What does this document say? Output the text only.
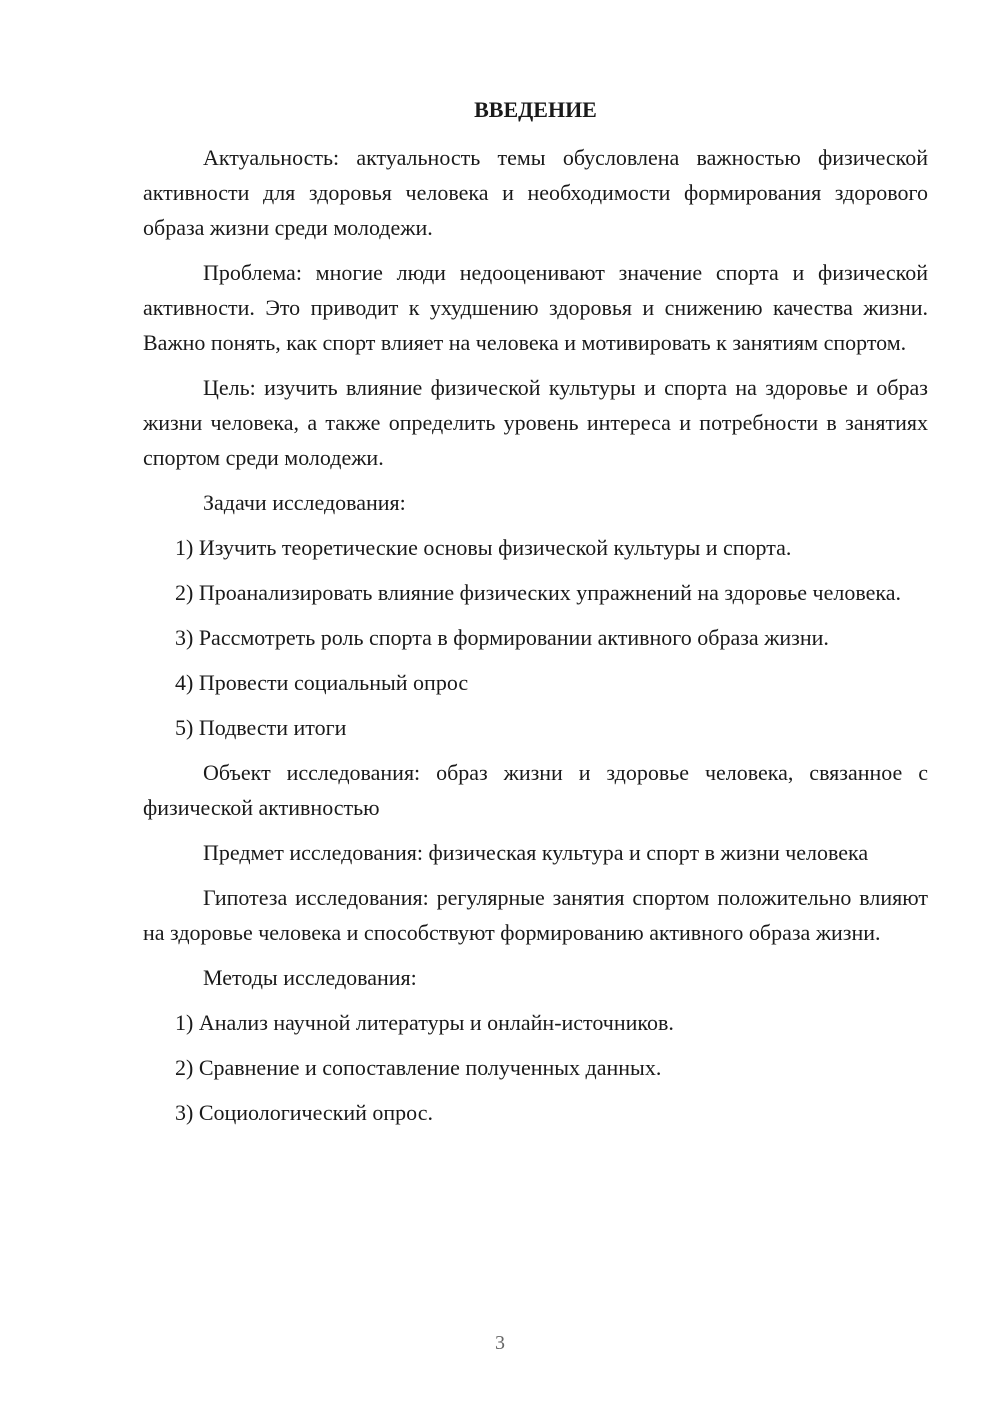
ВВЕДЕНИЕ

Актуальность: актуальность темы обусловлена важностью физической активности для здоровья человека и необходимости формирования здорового образа жизни среди молодежи.

Проблема: многие люди недооценивают значение спорта и физической активности. Это приводит к ухудшению здоровья и снижению качества жизни. Важно понять, как спорт влияет на человека и мотивировать к занятиям спортом.

Цель: изучить влияние физической культуры и спорта на здоровье и образ жизни человека, а также определить уровень интереса и потребности в занятиях спортом среди молодежи.

Задачи исследования:

1) Изучить теоретические основы физической культуры и спорта.

2) Проанализировать влияние физических упражнений на здоровье человека.

3) Рассмотреть роль спорта в формировании активного образа жизни.

4) Провести социальный опрос

5) Подвести итоги

Объект исследования: образ жизни и здоровье человека, связанное с физической активностью

Предмет исследования: физическая культура и спорт в жизни человека

Гипотеза исследования: регулярные занятия спортом положительно влияют на здоровье человека и способствуют формированию активного образа жизни.

Методы исследования:

1) Анализ научной литературы и онлайн-источников.

2) Сравнение и сопоставление полученных данных.

3) Социологический опрос.

3
